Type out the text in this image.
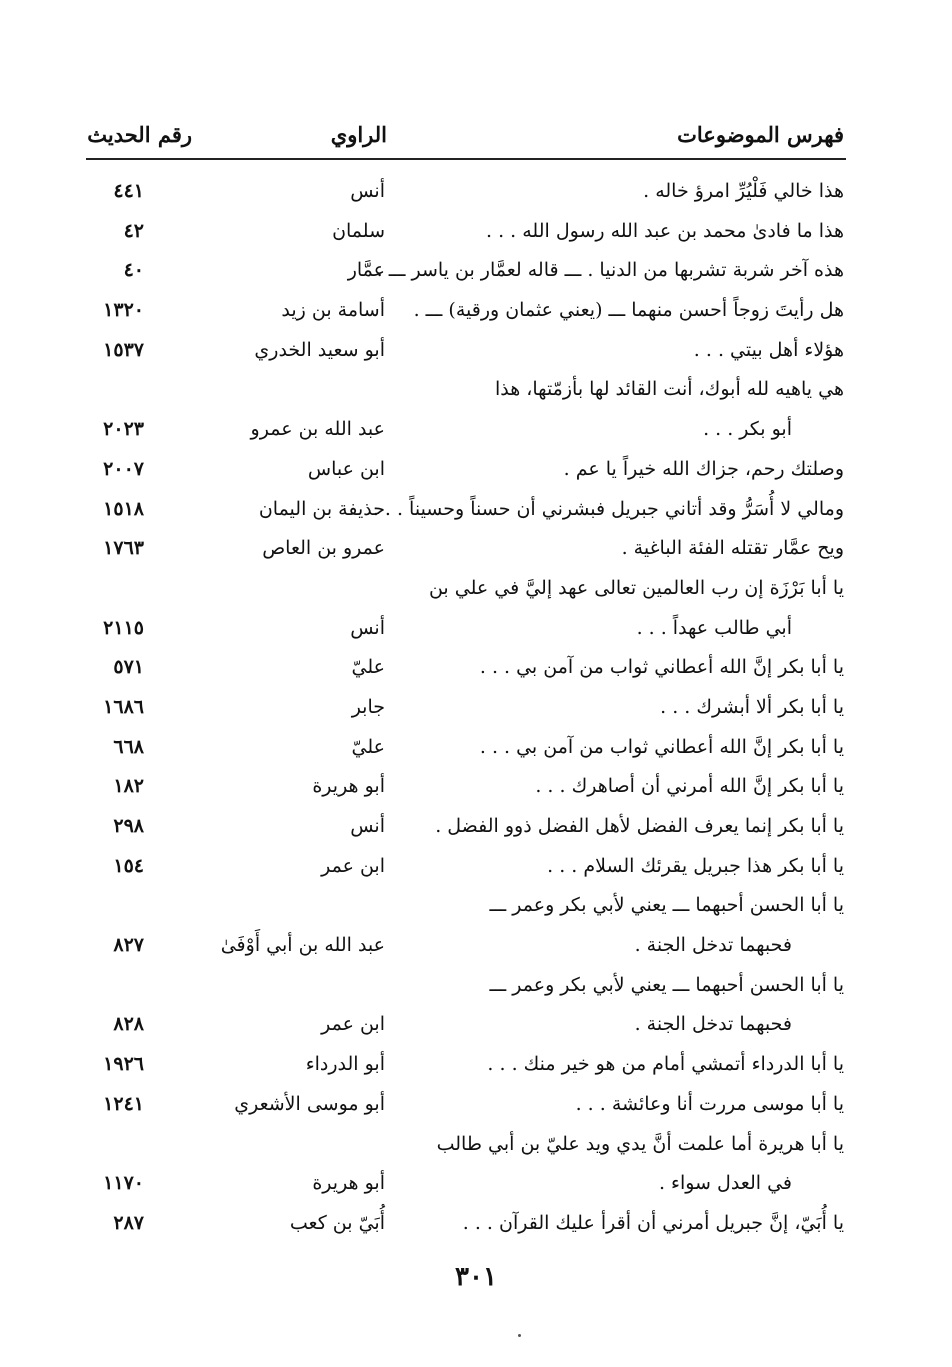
فهرس الموضوعات
الراوي
رقم الحديث
هذا خالي فَلْيُرِّ امرؤ خاله .
أنس
٤٤١
هذا ما فادىٰ محمد بن عبد الله رسول الله . . .
سلمان
٤٢
هذه آخر شربة تشربها من الدنيا . ـــ قاله لعمَّار بن ياسر ـــ .
عمَّار
٤٠
هل رأيتَ زوجاً أحسن منهما ـــ (يعني عثمان ورقية) ـــ .
أسامة بن زيد
١٣٢٠
هؤلاء أهل بيتي . . .
أبو سعيد الخدري
١٥٣٧
هي ياهيه لله أبوك، أنت القائد لها بأزمّتها، هذا
أبو بكر . . .
عبد الله بن عمرو
٢٠٢٣
وصلتك رحم، جزاك الله خيراً يا عم .
ابن عباس
٢٠٠٧
ومالي لا أُسَرُّ وقد أتاني جبريل فبشرني أن حسناً وحسيناً . . .
حذيفة بن اليمان
١٥١٨
ويح عمَّار تقتله الفئة الباغية .
عمرو بن العاص
١٧٦٣
يا أبا بَرْزَة إن رب العالمين تعالى عهد إليَّ في علي بن
أبي طالب عهداً . . .
أنس
٢١١٥
يا أبا بكر إنَّ الله أعطاني ثواب من آمن بي . . .
عليّ
٥٧١
يا أبا بكر ألا أبشرك . . .
جابر
١٦٨٦
يا أبا بكر إنَّ الله أعطاني ثواب من آمن بي . . .
عليّ
٦٦٨
يا أبا بكر إنَّ الله أمرني أن أصاهرك . . .
أبو هريرة
١٨٢
يا أبا بكر إنما يعرف الفضل لأهل الفضل ذوو الفضل .
أنس
٢٩٨
يا أبا بكر هذا جبريل يقرئك السلام . . .
ابن عمر
١٥٤
يا أبا الحسن أحبهما ـــ يعني لأبي بكر وعمر ـــ
فحبهما تدخل الجنة .
عبد الله بن أبي أَوْفَىٰ
٨٢٧
يا أبا الحسن أحبهما ـــ يعني لأبي بكر وعمر ـــ
فحبهما تدخل الجنة .
ابن عمر
٨٢٨
يا أبا الدرداء أتمشي أمام من هو خير منك . . .
أبو الدرداء
١٩٢٦
يا أبا موسى مررت أنا وعائشة . . .
أبو موسى الأشعري
١٢٤١
يا أبا هريرة أما علمت أنَّ يدي ويد عليّ بن أبي طالب
في العدل سواء .
أبو هريرة
١١٧٠
يا أُبَيّ، إنَّ جبريل أمرني أن أقرأ عليك القرآن . . .
أُبَيّ بن كعب
٢٨٧
٣٠١
